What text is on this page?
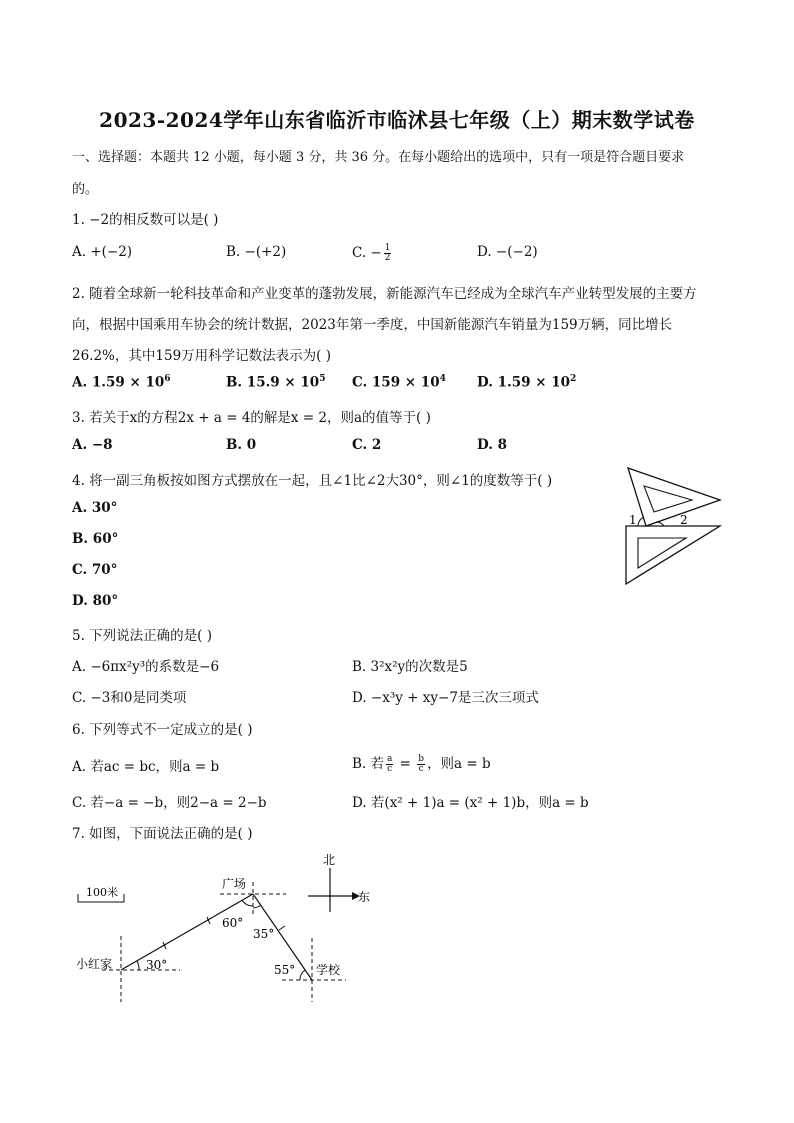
2023-2024学年山东省临沂市临沭县七年级（上）期末数学试卷
一、选择题：本题共 12 小题，每小题 3 分，共 36 分。在每小题给出的选项中，只有一项是符合题目要求
的。
1. −2的相反数可以是( )
A. +(−2)	B. −(+2)	C. − $\frac{1}{2}$	D. −(−2)
2. 随着全球新一轮科技革命和产业变革的蓬勃发展，新能源汽车已经成为全球汽车产业转型发展的主要方
向，根据中国乘用车协会的统计数据，2023年第一季度，中国新能源汽车销量为159万辆，同比增长
26.2%，其中159万用科学记数法表示为( )
A. $1.59 \times 10^6$	B. $15.9 \times 10^5$ C. $159 \times 10^4$ D. $1.59 \times 10^2$
3. 若关于x的方程2x + a = 4的解是x = 2，则a的值等于( )
A. −8	B. 0	C. 2	D. 8
4. 将一副三角板按如图方式摆放在一起，且∠1比∠2大30°，则∠1的度数等于( )
A. 30°
B. 60°
C. 70°
D. 80°
1	2
5. 下列说法正确的是( )
A. −6πx²y³的系数是−6	B. 3²x²y的次数是5
C. −3和0是同类项	D. −x³y + xy−7是三次三项式
6. 下列等式不一定成立的是( )
A. 若ac = bc，则a = b	B. 若 $\frac{a}{c} = \frac{b}{c}$ ，则a = b
C. 若−a = −b，则2−a = 2−b	D. 若(x² + 1)a = (x² + 1)b，则a = b
7. 如图，下面说法正确的是( )
100米
北
东
广场
小红家	学校
30°
60°
35°
55°
